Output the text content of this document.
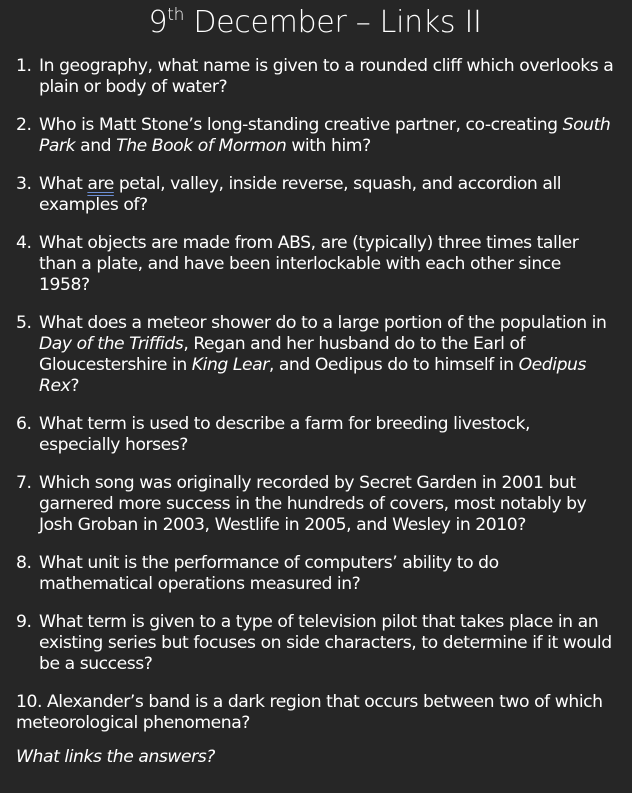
9th December – Links II
1. In geography, what name is given to a rounded cliff which overlooks a plain or body of water?
2. Who is Matt Stone’s long-standing creative partner, co-creating South Park and The Book of Mormon with him?
3. What are petal, valley, inside reverse, squash, and accordion all examples of?
4. What objects are made from ABS, are (typically) three times taller than a plate, and have been interlockable with each other since 1958?
5. What does a meteor shower do to a large portion of the population in Day of the Triffids, Regan and her husband do to the Earl of Gloucestershire in King Lear, and Oedipus do to himself in Oedipus Rex?
6. What term is used to describe a farm for breeding livestock, especially horses?
7. Which song was originally recorded by Secret Garden in 2001 but garnered more success in the hundreds of covers, most notably by Josh Groban in 2003, Westlife in 2005, and Wesley in 2010?
8. What unit is the performance of computers’ ability to do mathematical operations measured in?
9. What term is given to a type of television pilot that takes place in an existing series but focuses on side characters, to determine if it would be a success?
10. Alexander’s band is a dark region that occurs between two of which meteorological phenomena?
What links the answers?
